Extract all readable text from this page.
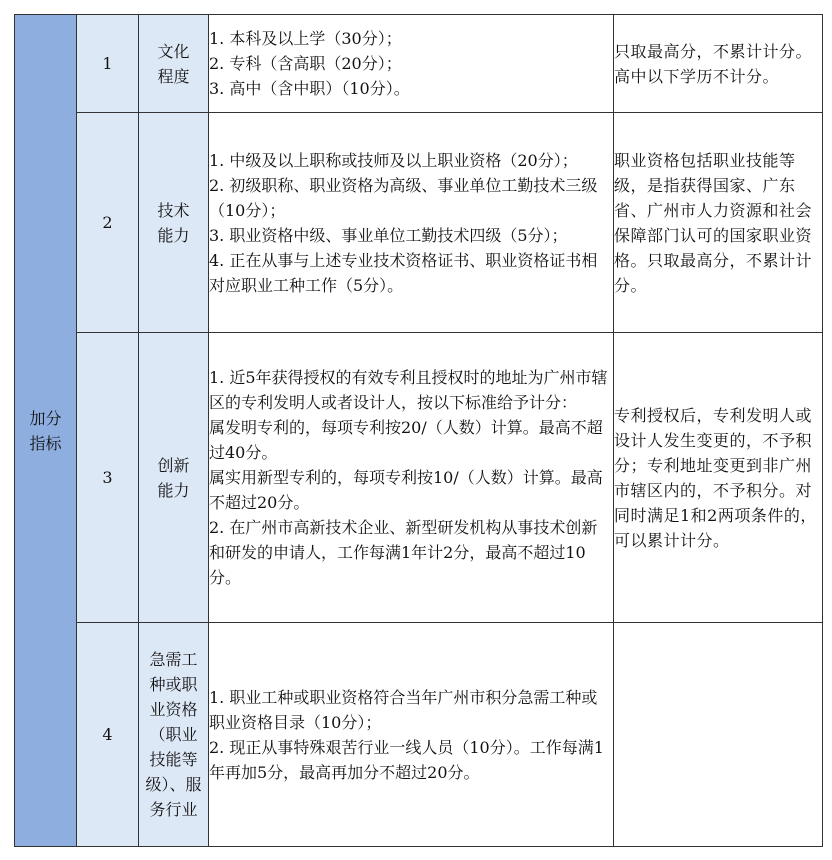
加分指标	1	文化程度	1. 本科及以上学（30分）；
2. 专科（含高职（20分）；
3. 高中（含中职）（10分）。	只取最高分，不累计计分。高中以下学历不计分。
	2	技术能力	1. 中级及以上职称或技师及以上职业资格（20分）；
2. 初级职称、职业资格为高级、事业单位工勤技术三级（10分）；
3. 职业资格中级、事业单位工勤技术四级（5分）；
4. 正在从事与上述专业技术资格证书、职业资格证书相对应职业工种工作（5分）。	职业资格包括职业技能等级，是指获得国家、广东省、广州市人力资源和社会保障部门认可的国家职业资格。只取最高分，不累计计分。
	3	创新能力	1. 近5年获得授权的有效专利且授权时的地址为广州市辖区的专利发明人或者设计人，按以下标准给予计分：
属发明专利的，每项专利按20/（人数）计算。最高不超过40分。
属实用新型专利的，每项专利按10/（人数）计算。最高不超过20分。
2. 在广州市高新技术企业、新型研发机构从事技术创新和研发的申请人，工作每满1年计2分，最高不超过10分。	专利授权后，专利发明人或设计人发生变更的，不予积分；专利地址变更到非广州市辖区内的，不予积分。对同时满足1和2两项条件的，可以累计计分。
	4	急需工种或职业资格（职业技能等级）、服务行业	1. 职业工种或职业资格符合当年广州市积分急需工种或职业资格目录（10分）；
2. 现正从事特殊艰苦行业一线人员（10分）。工作每满1年再加5分，最高再加分不超过20分。	
